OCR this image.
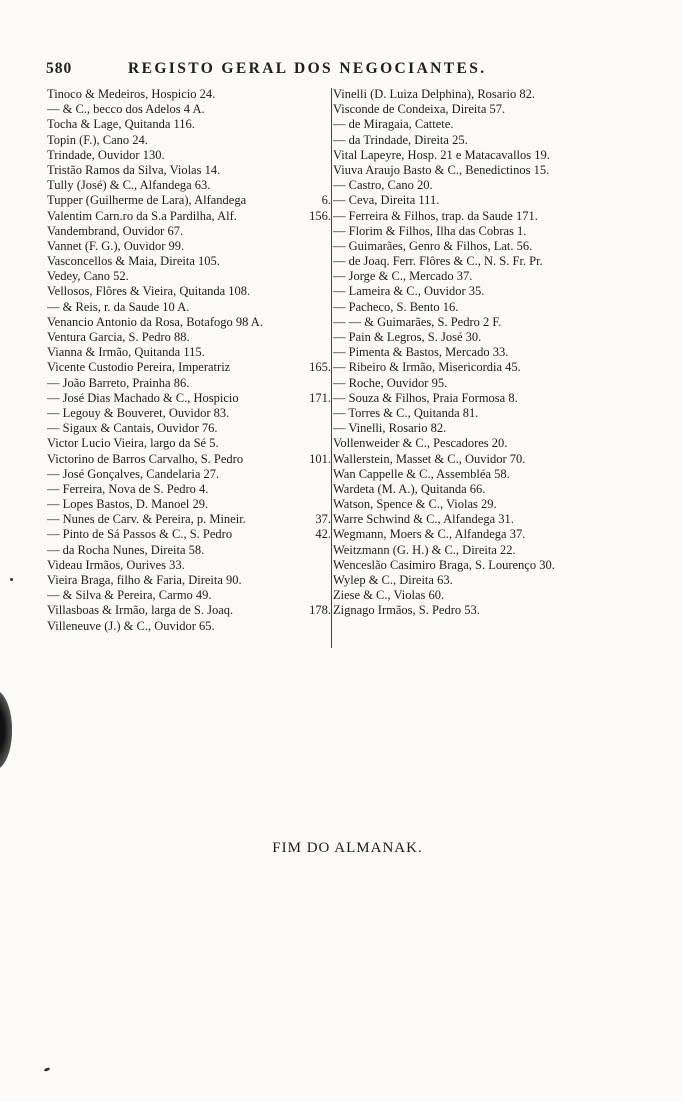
580	REGISTO GERAL DOS NEGOCIANTES.
Tinoco & Medeiros, Hospicio 24.
— & C., becco dos Adelos 4 A.
Tocha & Lage, Quitanda 116.
Topin (F.), Cano 24.
Trindade, Ouvidor 130.
Tristão Ramos da Silva, Violas 14.
Tully (José) & C., Alfandega 63.
Tupper (Guilherme de Lara), Alfandega	6.
Valentim Carn.ro da S.a Pardilha, Alf.	156.
Vandembrand, Ouvidor 67.
Vannet (F. G.), Ouvidor 99.
Vasconcellos & Maia, Direita 105.
Vedey, Cano 52.
Vellosos, Flôres & Vieira, Quitanda 108.
— & Reis, r. da Saude 10 A.
Venancio Antonio da Rosa, Botafogo 98 A.
Ventura Garcia, S. Pedro 88.
Vianna & Irmão, Quitanda 115.
Vicente Custodio Pereira, Imperatriz	165.
— João Barreto, Prainha 86.
— José Dias Machado & C., Hospicio	171.
— Legouy & Bouveret, Ouvidor 83.
— Sigaux & Cantais, Ouvidor 76.
Victor Lucio Vieira, largo da Sé 5.
Victorino de Barros Carvalho, S. Pedro	101.
— José Gonçalves, Candelaria 27.
— Ferreira, Nova de S. Pedro 4.
— Lopes Bastos, D. Manoel 29.
— Nunes de Carv. & Pereira, p. Mineir.	37.
— Pinto de Sá Passos & C., S. Pedro	42.
— da Rocha Nunes, Direita 58.
Videau Irmãos, Ourives 33.
Vieira Braga, filho & Faria, Direita 90.
— & Silva & Pereira, Carmo 49.
Villasboas & Irmão, larga de S. Joaq.	178.
Villeneuve (J.) & C., Ouvidor 65.
Vinelli (D. Luiza Delphina), Rosario 82.
Visconde de Condeixa, Direita 57.
— de Miragaia, Cattete.
— da Trindade, Direita 25.
Vital Lapeyre, Hosp. 21 e Matacavallos 19.
Viuva Araujo Basto & C., Benedictinos 15.
— Castro, Cano 20.
— Ceva, Direita 111.
— Ferreira & Filhos, trap. da Saude 171.
— Florim & Filhos, Ilha das Cobras 1.
— Guimarães, Genro & Filhos, Lat. 56.
— de Joaq. Ferr. Flôres & C., N. S. Fr. Pr.
— Jorge & C., Mercado 37.
— Lameira & C., Ouvidor 35.
— Pacheco, S. Bento 16.
— — & Guimarães, S. Pedro 2 F.
— Pain & Legros, S. José 30.
— Pimenta & Bastos, Mercado 33.
— Ribeiro & Irmão, Misericordia 45.
— Roche, Ouvidor 95.
— Souza & Filhos, Praia Formosa 8.
— Torres & C., Quitanda 81.
— Vinelli, Rosario 82.
Vollenweider & C., Pescadores 20.
Wallerstein, Masset & C., Ouvidor 70.
Wan Cappelle & C., Assembléa 58.
Wardeta (M. A.), Quitanda 66.
Watson, Spence & C., Violas 29.
Warre Schwind & C., Alfandega 31.
Wegmann, Moers & C., Alfandega 37.
Weitzmann (G. H.) & C., Direita 22.
Wenceslão Casimiro Braga, S. Lourenço 30.
Wylep & C., Direita 63.
Ziese & C., Violas 60.
Zignago Irmãos, S. Pedro 53.
FIM DO ALMANAK.
